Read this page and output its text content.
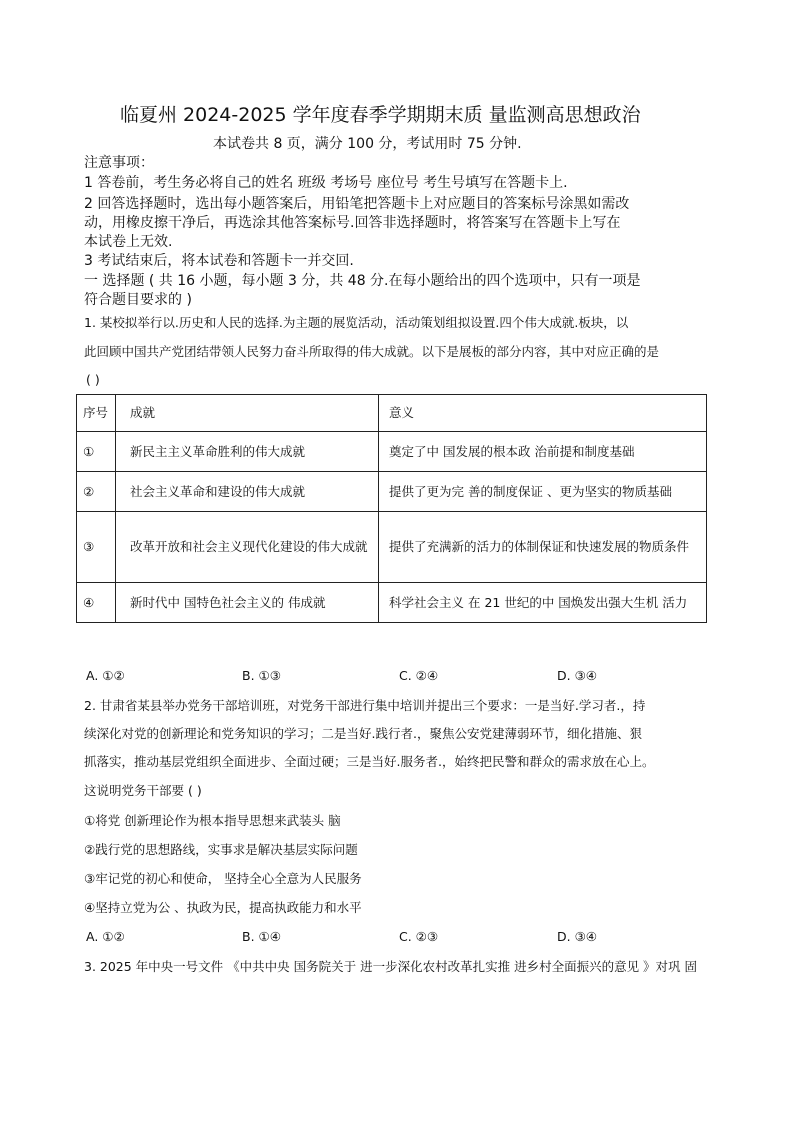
临夏州 2024-2025 学年度春季学期期末质 量监测高思想政治
本试卷共 8 页，满分 100 分，考试用时 75 分钟.
注意事项：
1 答卷前，考生务必将自己的姓名 班级 考场号 座位号 考生号填写在答题卡上.
2 回答选择题时，选出每小题答案后，用铅笔把答题卡上对应题目的答案标号涂黑如需改
动，用橡皮擦干净后，再选涂其他答案标号.回答非选择题时，将答案写在答题卡上写在
本试卷上无效.
3 考试结束后，将本试卷和答题卡一并交回.
一 选择题 ( 共 16 小题，每小题 3 分，共 48 分.在每小题给出的四个选项中，只有一项是
符合题目要求的 )
1. 某校拟举行以.历史和人民的选择.为主题的展览活动，活动策划组拟设置.四个伟大成就.板块，以
此回顾中国共产党团结带领人民努力奋斗所取得的伟大成就。以下是展板的部分内容，其中对应正确的是
( )
序号	成就	意义
①	新民主主义革命胜利的伟大成就	奠定了中 国发展的根本政 治前提和制度基础
②	社会主义革命和建设的伟大成就	提供了更为完 善的制度保证 、更为坚实的物质基础
③	改革开放和社会主义现代化建设的伟大成就	提供了充满新的活力的体制保证和快速发展的物质条件
④	新时代中 国特色社会主义的 伟成就	科学社会主义 在 21 世纪的中 国焕发出强大生机 活力
A. ①②	B. ①③	C. ②④	D. ③④
2. 甘肃省某县举办党务干部培训班，对党务干部进行集中培训并提出三个要求：一是当好.学习者.，持
续深化对党的创新理论和党务知识的学习；二是当好.践行者.，聚焦公安党建薄弱环节，细化措施、狠
抓落实，推动基层党组织全面进步、全面过硬；三是当好.服务者.，始终把民警和群众的需求放在心上。
这说明党务干部要 ( )
①将党 创新理论作为根本指导思想来武装头 脑
②践行党的思想路线，实事求是解决基层实际问题
③牢记党的初心和使命， 坚持全心全意为人民服务
④坚持立党为公 、执政为民，提高执政能力和水平
A. ①②	B. ①④	C. ②③	D. ③④
3. 2025 年中央一号文件 《中共中央 国务院关于 进一步深化农村改革扎实推 进乡村全面振兴的意见 》对巩 固
